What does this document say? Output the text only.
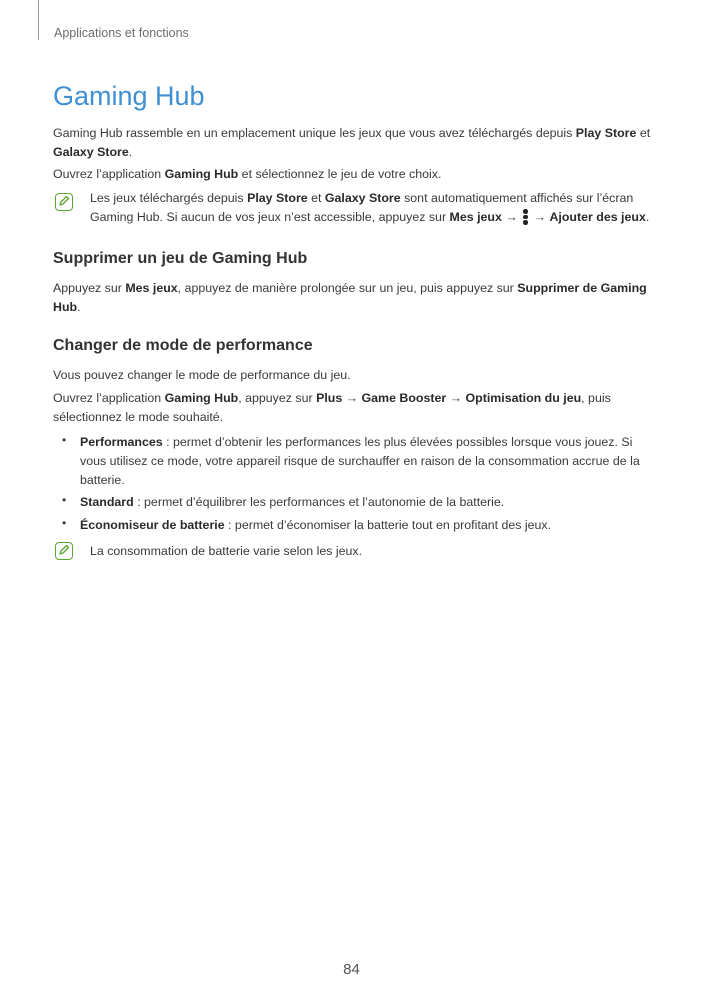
Applications et fonctions
Gaming Hub

Gaming Hub rassemble en un emplacement unique les jeux que vous avez téléchargés depuis Play Store et
Galaxy Store.

Ouvrez l’application Gaming Hub et sélectionnez le jeu de votre choix.

Les jeux téléchargés depuis Play Store et Galaxy Store sont automatiquement affichés sur l’écran Gaming Hub. Si aucun de vos jeux n’est accessible, appuyez sur Mes jeux →
→ Ajouter des jeux.

Supprimer un jeu de Gaming Hub

Appuyez sur Mes jeux, appuyez de manière prolongée sur un jeu, puis appuyez sur Supprimer de Gaming Hub.

Changer de mode de performance

Vous pouvez changer le mode de performance du jeu.

Ouvrez l’application Gaming Hub, appuyez sur Plus → Game Booster → Optimisation du jeu, puis sélectionnez le mode souhaité.

• Performances : permet d’obtenir les performances les plus élevées possibles lorsque vous jouez. Si vous utilisez ce mode, votre appareil risque de surchauffer en raison de la consommation accrue de la batterie.

• Standard : permet d’équilibrer les performances et l’autonomie de la batterie.

• Économiseur de batterie : permet d’économiser la batterie tout en profitant des jeux.

La consommation de batterie varie selon les jeux.

84
